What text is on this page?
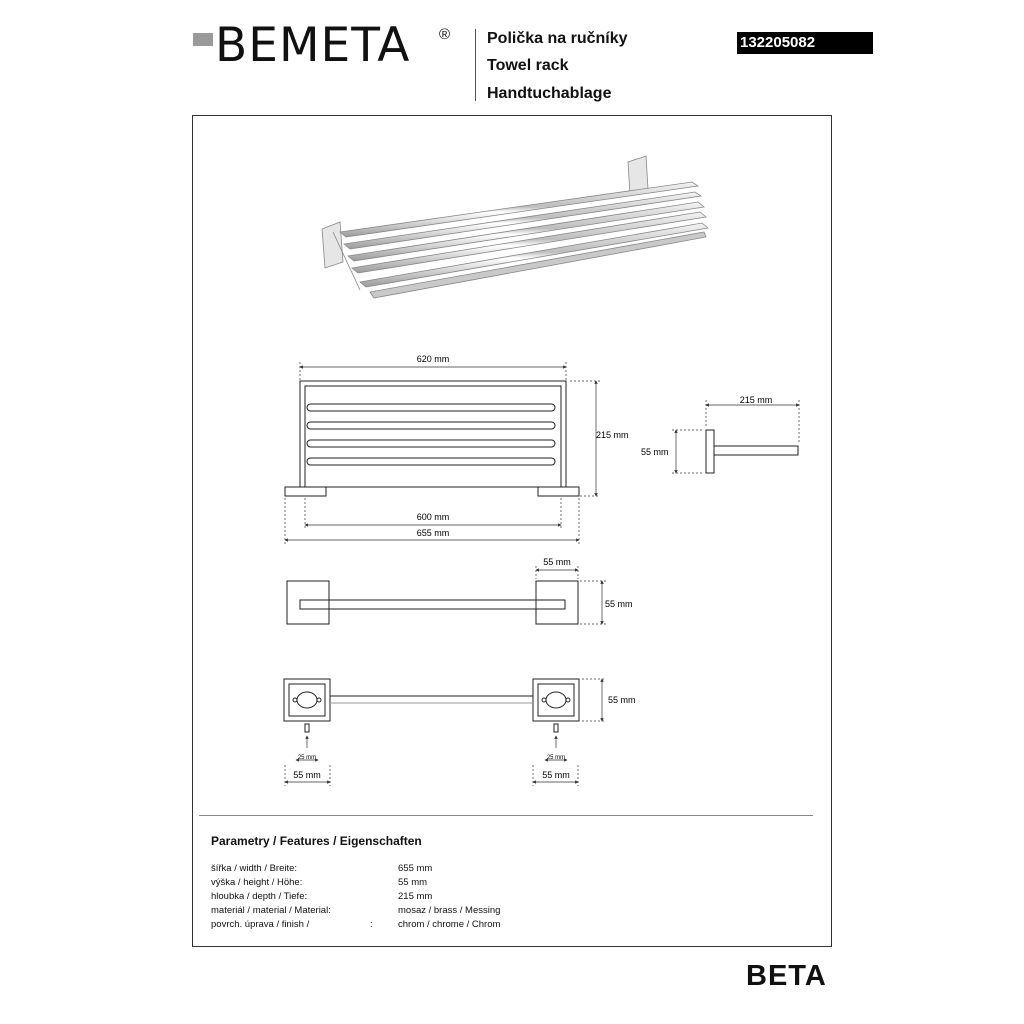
BEMETA ® Polička na ručníky
Towel rack
Handtuchablage
132205082
620 mm
215 mm
600 mm
655 mm
215 mm
55 mm
55 mm
55 mm
25 mm	25 mm
55 mm	55 mm
55 mm
Parametry / Features / Eigenschaften
šířka / width / Breite:	655 mm
výška / height / Höhe:	55 mm
hloubka / depth / Tiefe:	215 mm
materiál / material / Material:	mosaz / brass / Messing
povrch. úprava / finish /	:	chrom / chrome / Chrom
BETA
